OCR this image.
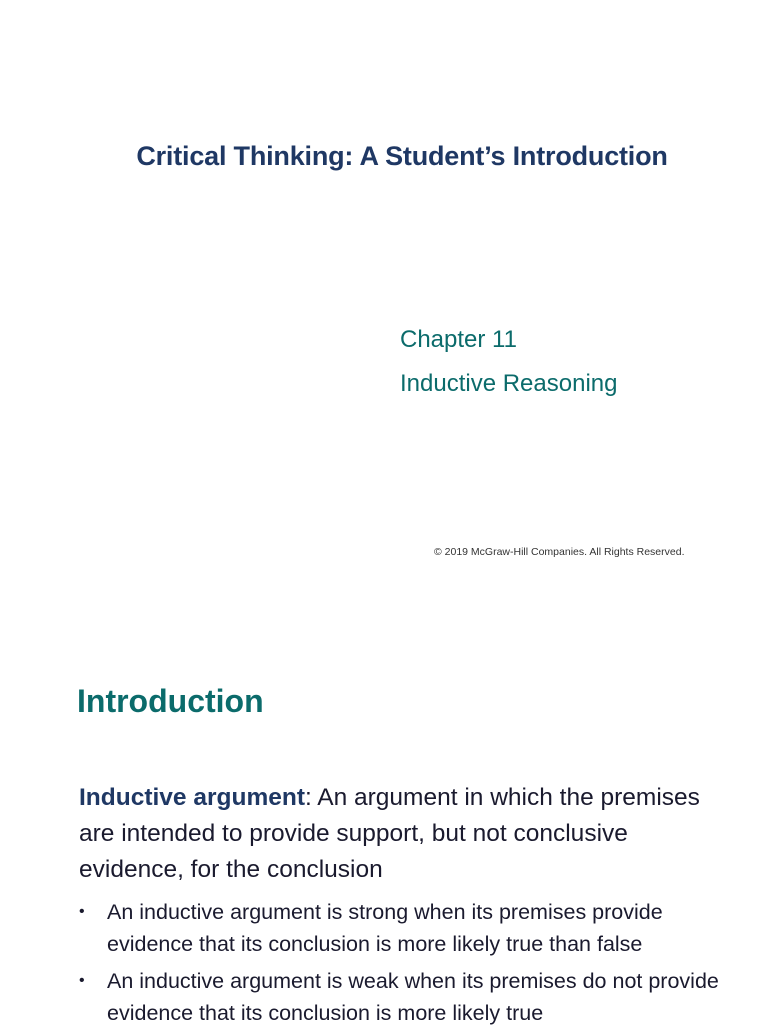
Critical Thinking: A Student’s Introduction
Chapter 11
Inductive Reasoning
© 2019 McGraw-Hill Companies. All Rights Reserved.
Introduction
Inductive argument: An argument in which the premises are intended to provide support, but not conclusive evidence, for the conclusion
• An inductive argument is strong when its premises provide evidence that its conclusion is more likely true than false
• An inductive argument is weak when its premises do not provide evidence that its conclusion is more likely true
